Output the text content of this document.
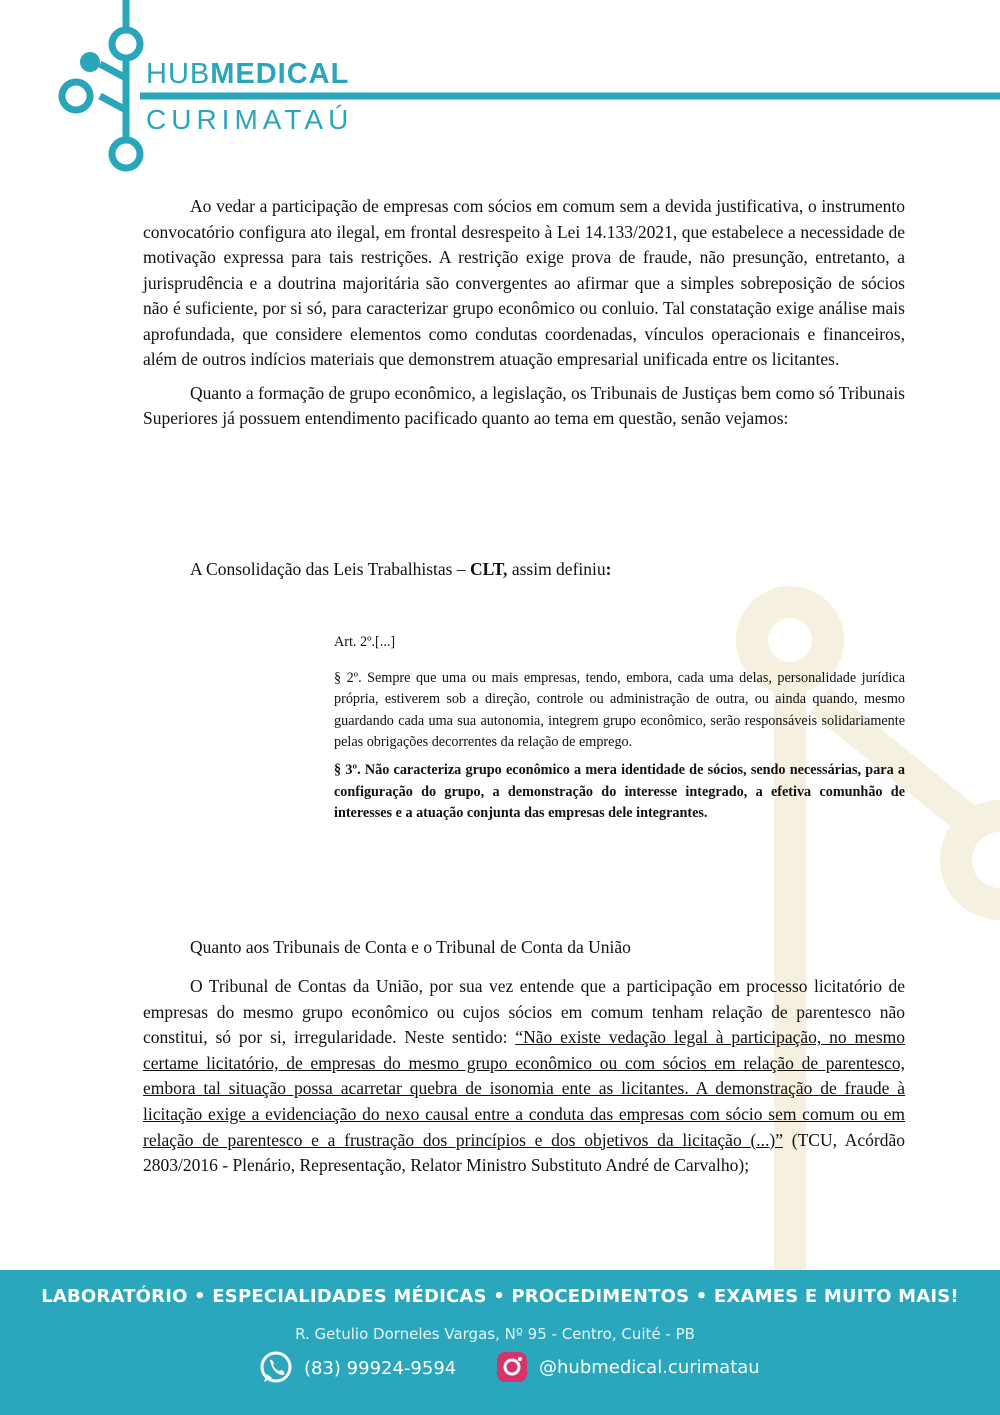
HUBMEDICAL
CURIMATAÚ

Ao vedar a participação de empresas com sócios em comum sem a devida justificativa, o instrumento convocatório configura ato ilegal, em frontal desrespeito à Lei 14.133/2021, que estabelece a necessidade de motivação expressa para tais restrições. A restrição exige prova de fraude, não presunção, entretanto, a jurisprudência e a doutrina majoritária são convergentes ao afirmar que a simples sobreposição de sócios não é suficiente, por si só, para caracterizar grupo econômico ou conluio. Tal constatação exige análise mais aprofundada, que considere elementos como condutas coordenadas, vínculos operacionais e financeiros, além de outros indícios materiais que demonstrem atuação empresarial unificada entre os licitantes.

Quanto a formação de grupo econômico, a legislação, os Tribunais de Justiças bem como só Tribunais Superiores já possuem entendimento pacificado quanto ao tema em questão, senão vejamos:

A Consolidação das Leis Trabalhistas – CLT, assim definiu:

Art. 2º.[...]

§ 2º. Sempre que uma ou mais empresas, tendo, embora, cada uma delas, personalidade jurídica própria, estiverem sob a direção, controle ou administração de outra, ou ainda quando, mesmo guardando cada uma sua autonomia, integrem grupo econômico, serão responsáveis solidariamente pelas obrigações decorrentes da relação de emprego.

§ 3º. Não caracteriza grupo econômico a mera identidade de sócios, sendo necessárias, para a configuração do grupo, a demonstração do interesse integrado, a efetiva comunhão de interesses e a atuação conjunta das empresas dele integrantes.

Quanto aos Tribunais de Conta e o Tribunal de Conta da União

O Tribunal de Contas da União, por sua vez entende que a participação em processo licitatório de empresas do mesmo grupo econômico ou cujos sócios em comum tenham relação de parentesco não constitui, só por si, irregularidade. Neste sentido: “Não existe vedação legal à participação, no mesmo certame licitatório, de empresas do mesmo grupo econômico ou com sócios em relação de parentesco, embora tal situação possa acarretar quebra de isonomia ente as licitantes. A demonstração de fraude à licitação exige a evidenciação do nexo causal entre a conduta das empresas com sócio sem comum ou em relação de parentesco e a frustração dos princípios e dos objetivos da licitação (...)” (TCU, Acórdão 2803/2016 - Plenário, Representação, Relator Ministro Substituto André de Carvalho);

LABORATÓRIO • ESPECIALIDADES MÉDICAS • PROCEDIMENTOS • EXAMES E MUITO MAIS!
R. Getulio Dorneles Vargas, Nº 95 - Centro, Cuité - PB
(83) 99924-9594	@hubmedical.curimatau
